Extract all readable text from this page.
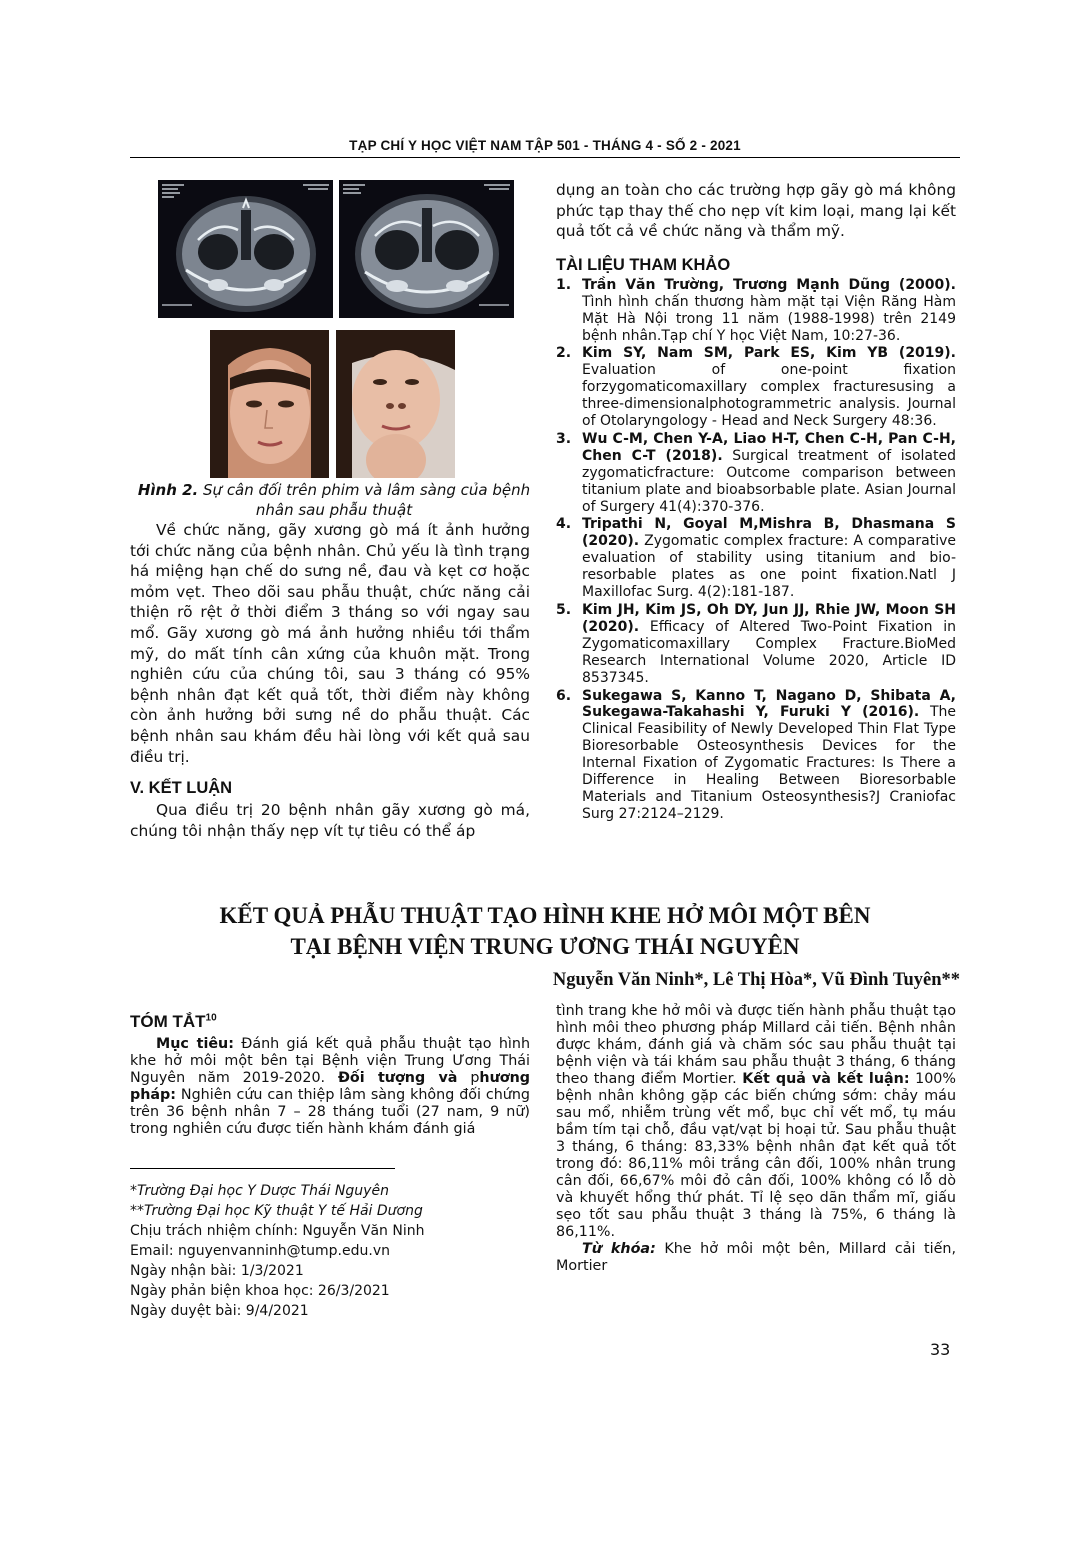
TẠP CHÍ Y HỌC VIỆT NAM TẬP 501 - THÁNG 4 - SỐ 2 - 2021
Hình 2. Sự cân đối trên phim và lâm sàng của bệnh nhân sau phẫu thuật

Về chức năng, gãy xương gò má ít ảnh hưởng tới chức năng của bệnh nhân. Chủ yếu là tình trạng há miệng hạn chế do sưng nề, đau và kẹt cơ hoặc mỏm vẹt. Theo dõi sau phẫu thuật, chức năng cải thiện rõ rệt ở thời điểm 3 tháng so với ngay sau mổ. Gãy xương gò má ảnh hưởng nhiều tới thẩm mỹ, do mất tính cân xứng của khuôn mặt. Trong nghiên cứu của chúng tôi, sau 3 tháng có 95% bệnh nhân đạt kết quả tốt, thời điểm này không còn ảnh hưởng bởi sưng nề do phẫu thuật. Các bệnh nhân sau khám đều hài lòng với kết quả sau điều trị.

V. KẾT LUẬN

Qua điều trị 20 bệnh nhân gãy xương gò má, chúng tôi nhận thấy nẹp vít tự tiêu có thể áp

dụng an toàn cho các trường hợp gãy gò má không phức tạp thay thế cho nẹp vít kim loại, mang lại kết quả tốt cả về chức năng và thẩm mỹ.

TÀI LIỆU THAM KHẢO
1. Trần Văn Trường, Trương Mạnh Dũng (2000). Tình hình chấn thương hàm mặt tại Viện Răng Hàm Mặt Hà Nội trong 11 năm (1988-1998) trên 2149 bệnh nhân.Tạp chí Y học Việt Nam, 10:27-36.
2. Kim SY, Nam SM, Park ES, Kim YB (2019). Evaluation of one-point fixation forzygomaticomaxillary complex fracturesusing a three-dimensionalphotogrammetric analysis. Journal of Otolaryngology - Head and Neck Surgery 48:36.
3. Wu C-M, Chen Y-A, Liao H-T, Chen C-H, Pan C-H, Chen C-T (2018). Surgical treatment of isolated zygomaticfracture: Outcome comparison between titanium plate and bioabsorbable plate. Asian Journal of Surgery 41(4):370-376.
4. Tripathi N, Goyal M,Mishra B, Dhasmana S (2020). Zygomatic complex fracture: A comparative evaluation of stability using titanium and bio-resorbable plates as one point fixation.Natl J Maxillofac Surg. 4(2):181-187.
5. Kim JH, Kim JS, Oh DY, Jun JJ, Rhie JW, Moon SH (2020). Efficacy of Altered Two-Point Fixation in Zygomaticomaxillary Complex Fracture.BioMed Research International Volume 2020, Article ID 8537345.
6. Sukegawa S, Kanno T, Nagano D, Shibata A, Sukegawa-Takahashi Y, Furuki Y (2016). The Clinical Feasibility of Newly Developed Thin Flat Type Bioresorbable Osteosynthesis Devices for the Internal Fixation of Zygomatic Fractures: Is There a Difference in Healing Between Bioresorbable Materials and Titanium Osteosynthesis?J Craniofac Surg 27:2124–2129.
KẾT QUẢ PHẪU THUẬT TẠO HÌNH KHE HỞ MÔI MỘT BÊN
TẠI BỆNH VIỆN TRUNG ƯƠNG THÁI NGUYÊN
Nguyễn Văn Ninh*, Lê Thị Hòa*, Vũ Đình Tuyên**
TÓM TẮT$^{10}$

Mục tiêu: Đánh giá kết quả phẫu thuật tạo hình khe hở môi một bên tại Bệnh viện Trung Ương Thái Nguyên năm 2019-2020. Đối tượng và phương pháp: Nghiên cứu can thiệp lâm sàng không đối chứng trên 36 bệnh nhân 7 – 28 tháng tuổi (27 nam, 9 nữ) trong nghiên cứu được tiến hành khám đánh giá

*Trường Đại học Y Dược Thái Nguyên

**Trường Đại học Kỹ thuật Y tế Hải Dương

Chịu trách nhiệm chính: Nguyễn Văn Ninh

Email: nguyenvanninh@tump.edu.vn

Ngày nhận bài: 1/3/2021

Ngày phản biện khoa học: 26/3/2021

Ngày duyệt bài: 9/4/2021

tình trang khe hở môi và được tiến hành phẫu thuật tạo hình môi theo phương pháp Millard cải tiến. Bệnh nhân được khám, đánh giá và chăm sóc sau phẫu thuật tại bệnh viện và tái khám sau phẫu thuật 3 tháng, 6 tháng theo thang điểm Mortier. Kết quả và kết luận: 100% bệnh nhân không gặp các biến chứng sớm: chảy máu sau mổ, nhiễm trùng vết mổ, bục chỉ vết mổ, tụ máu bầm tím tại chỗ, đầu vạt/vạt bị hoại tử. Sau phẫu thuật 3 tháng, 6 tháng: 83,33% bệnh nhân đạt kết quả tốt trong đó: 86,11% môi trắng cân đối, 100% nhân trung cân đối, 66,67% môi đỏ cân đối, 100% không có lỗ dò và khuyết hổng thứ phát. Tỉ lệ sẹo dãn thẩm mĩ, giấu sẹo tốt sau phẫu thuật 3 tháng là 75%, 6 tháng là 86,11%.

Từ khóa: Khe hở môi một bên, Millard cải tiến, Mortier

33
